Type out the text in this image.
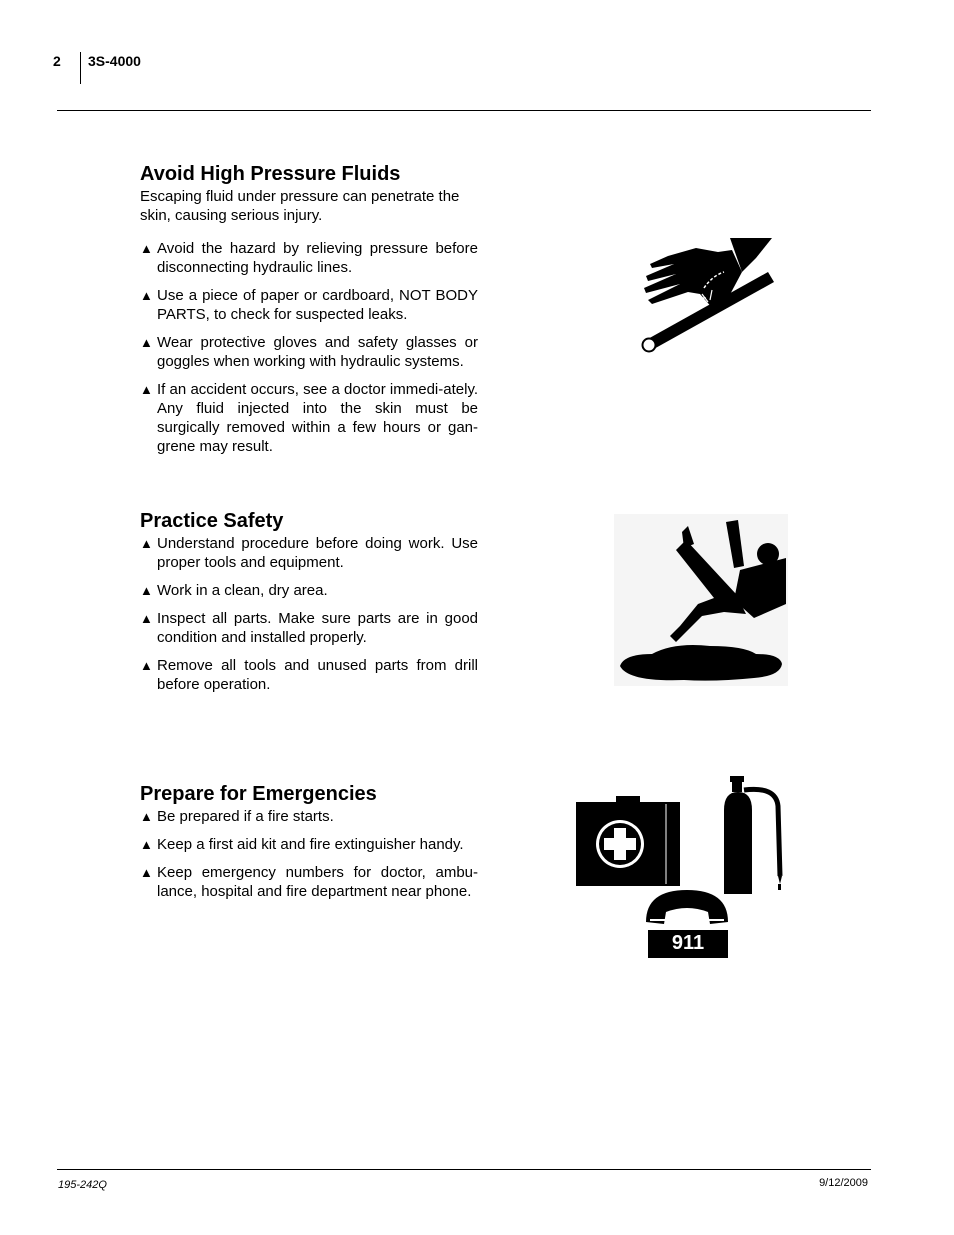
2 3S-4000
Avoid High Pressure Fluids

Escaping fluid under pressure can penetrate the skin, causing serious injury.

▲ Avoid the hazard by relieving pressure before disconnecting hydraulic lines.
▲ Use a piece of paper or cardboard, NOT BODY PARTS, to check for suspected leaks.
▲ Wear protective gloves and safety glasses or goggles when working with hydraulic systems.
▲ If an accident occurs, see a doctor immedi-ately. Any fluid injected into the skin must be surgically removed within a few hours or gan-grene may result.
Practice Safety
▲ Understand procedure before doing work. Use proper tools and equipment.
▲ Work in a clean, dry area.
▲ Inspect all parts. Make sure parts are in good condition and installed properly.
▲ Remove all tools and unused parts from drill before operation.
Prepare for Emergencies
▲ Be prepared if a fire starts.
▲ Keep a first aid kit and fire extinguisher handy.
▲ Keep emergency numbers for doctor, ambu-lance, hospital and fire department near phone.
911
195-242Q	9/12/2009
